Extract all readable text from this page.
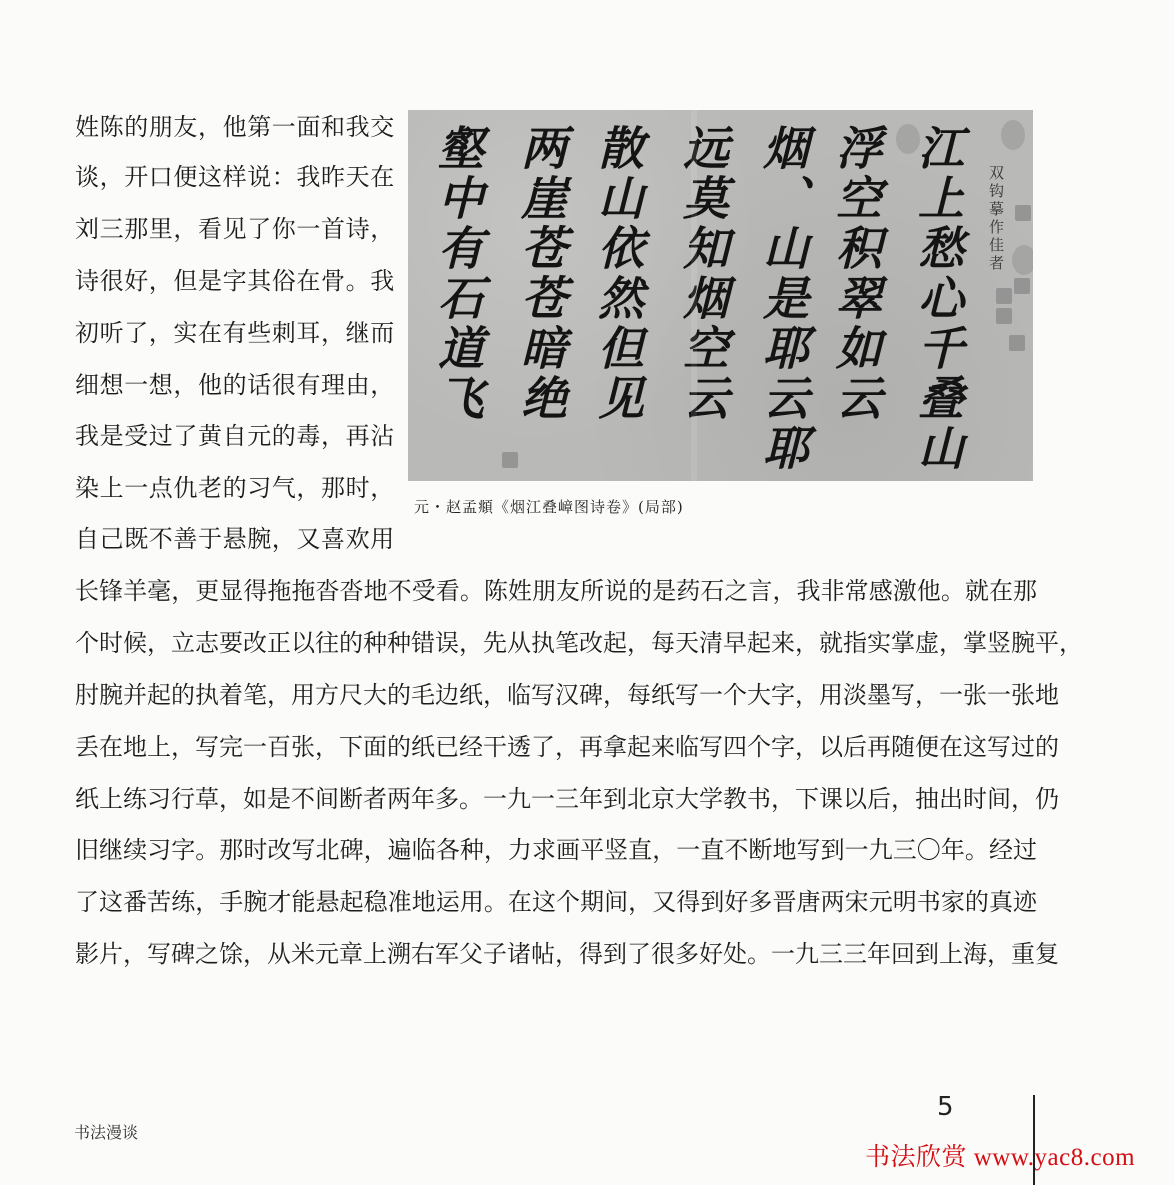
姓陈的朋友，他第一面和我交
谈，开口便这样说：我昨天在
刘三那里，看见了你一首诗，
诗很好，但是字其俗在骨。我
初听了，实在有些刺耳，继而
细想一想，他的话很有理由，
我是受过了黄自元的毒，再沾
染上一点仇老的习气，那时，
自己既不善于悬腕，又喜欢用
长锋羊毫，更显得拖拖沓沓地不受看。陈姓朋友所说的是药石之言，我非常感激他。就在那
个时候，立志要改正以往的种种错误，先从执笔改起，每天清早起来，就指实掌虚，掌竖腕平，
肘腕并起的执着笔，用方尺大的毛边纸，临写汉碑，每纸写一个大字，用淡墨写，一张一张地
丢在地上，写完一百张，下面的纸已经干透了，再拿起来临写四个字，以后再随便在这写过的
纸上练习行草，如是不间断者两年多。一九一三年到北京大学教书，下课以后，抽出时间，仍
旧继续习字。那时改写北碑，遍临各种，力求画平竖直，一直不断地写到一九三〇年。经过
了这番苦练，手腕才能悬起稳准地运用。在这个期间，又得到好多晋唐两宋元明书家的真迹
影片，写碑之馀，从米元章上溯右军父子诸帖，得到了很多好处。一九三三年回到上海，重复
江上愁心千叠山
浮空积翠如云
烟、山是耶云耶
远莫知烟空云
散山依然但见
两崖苍苍暗绝
壑中有石道飞	双钩摹作佳者
元・赵孟頫《烟江叠嶂图诗卷》(局部)
书法漫谈
5
书法欣赏 www.yac8.com
